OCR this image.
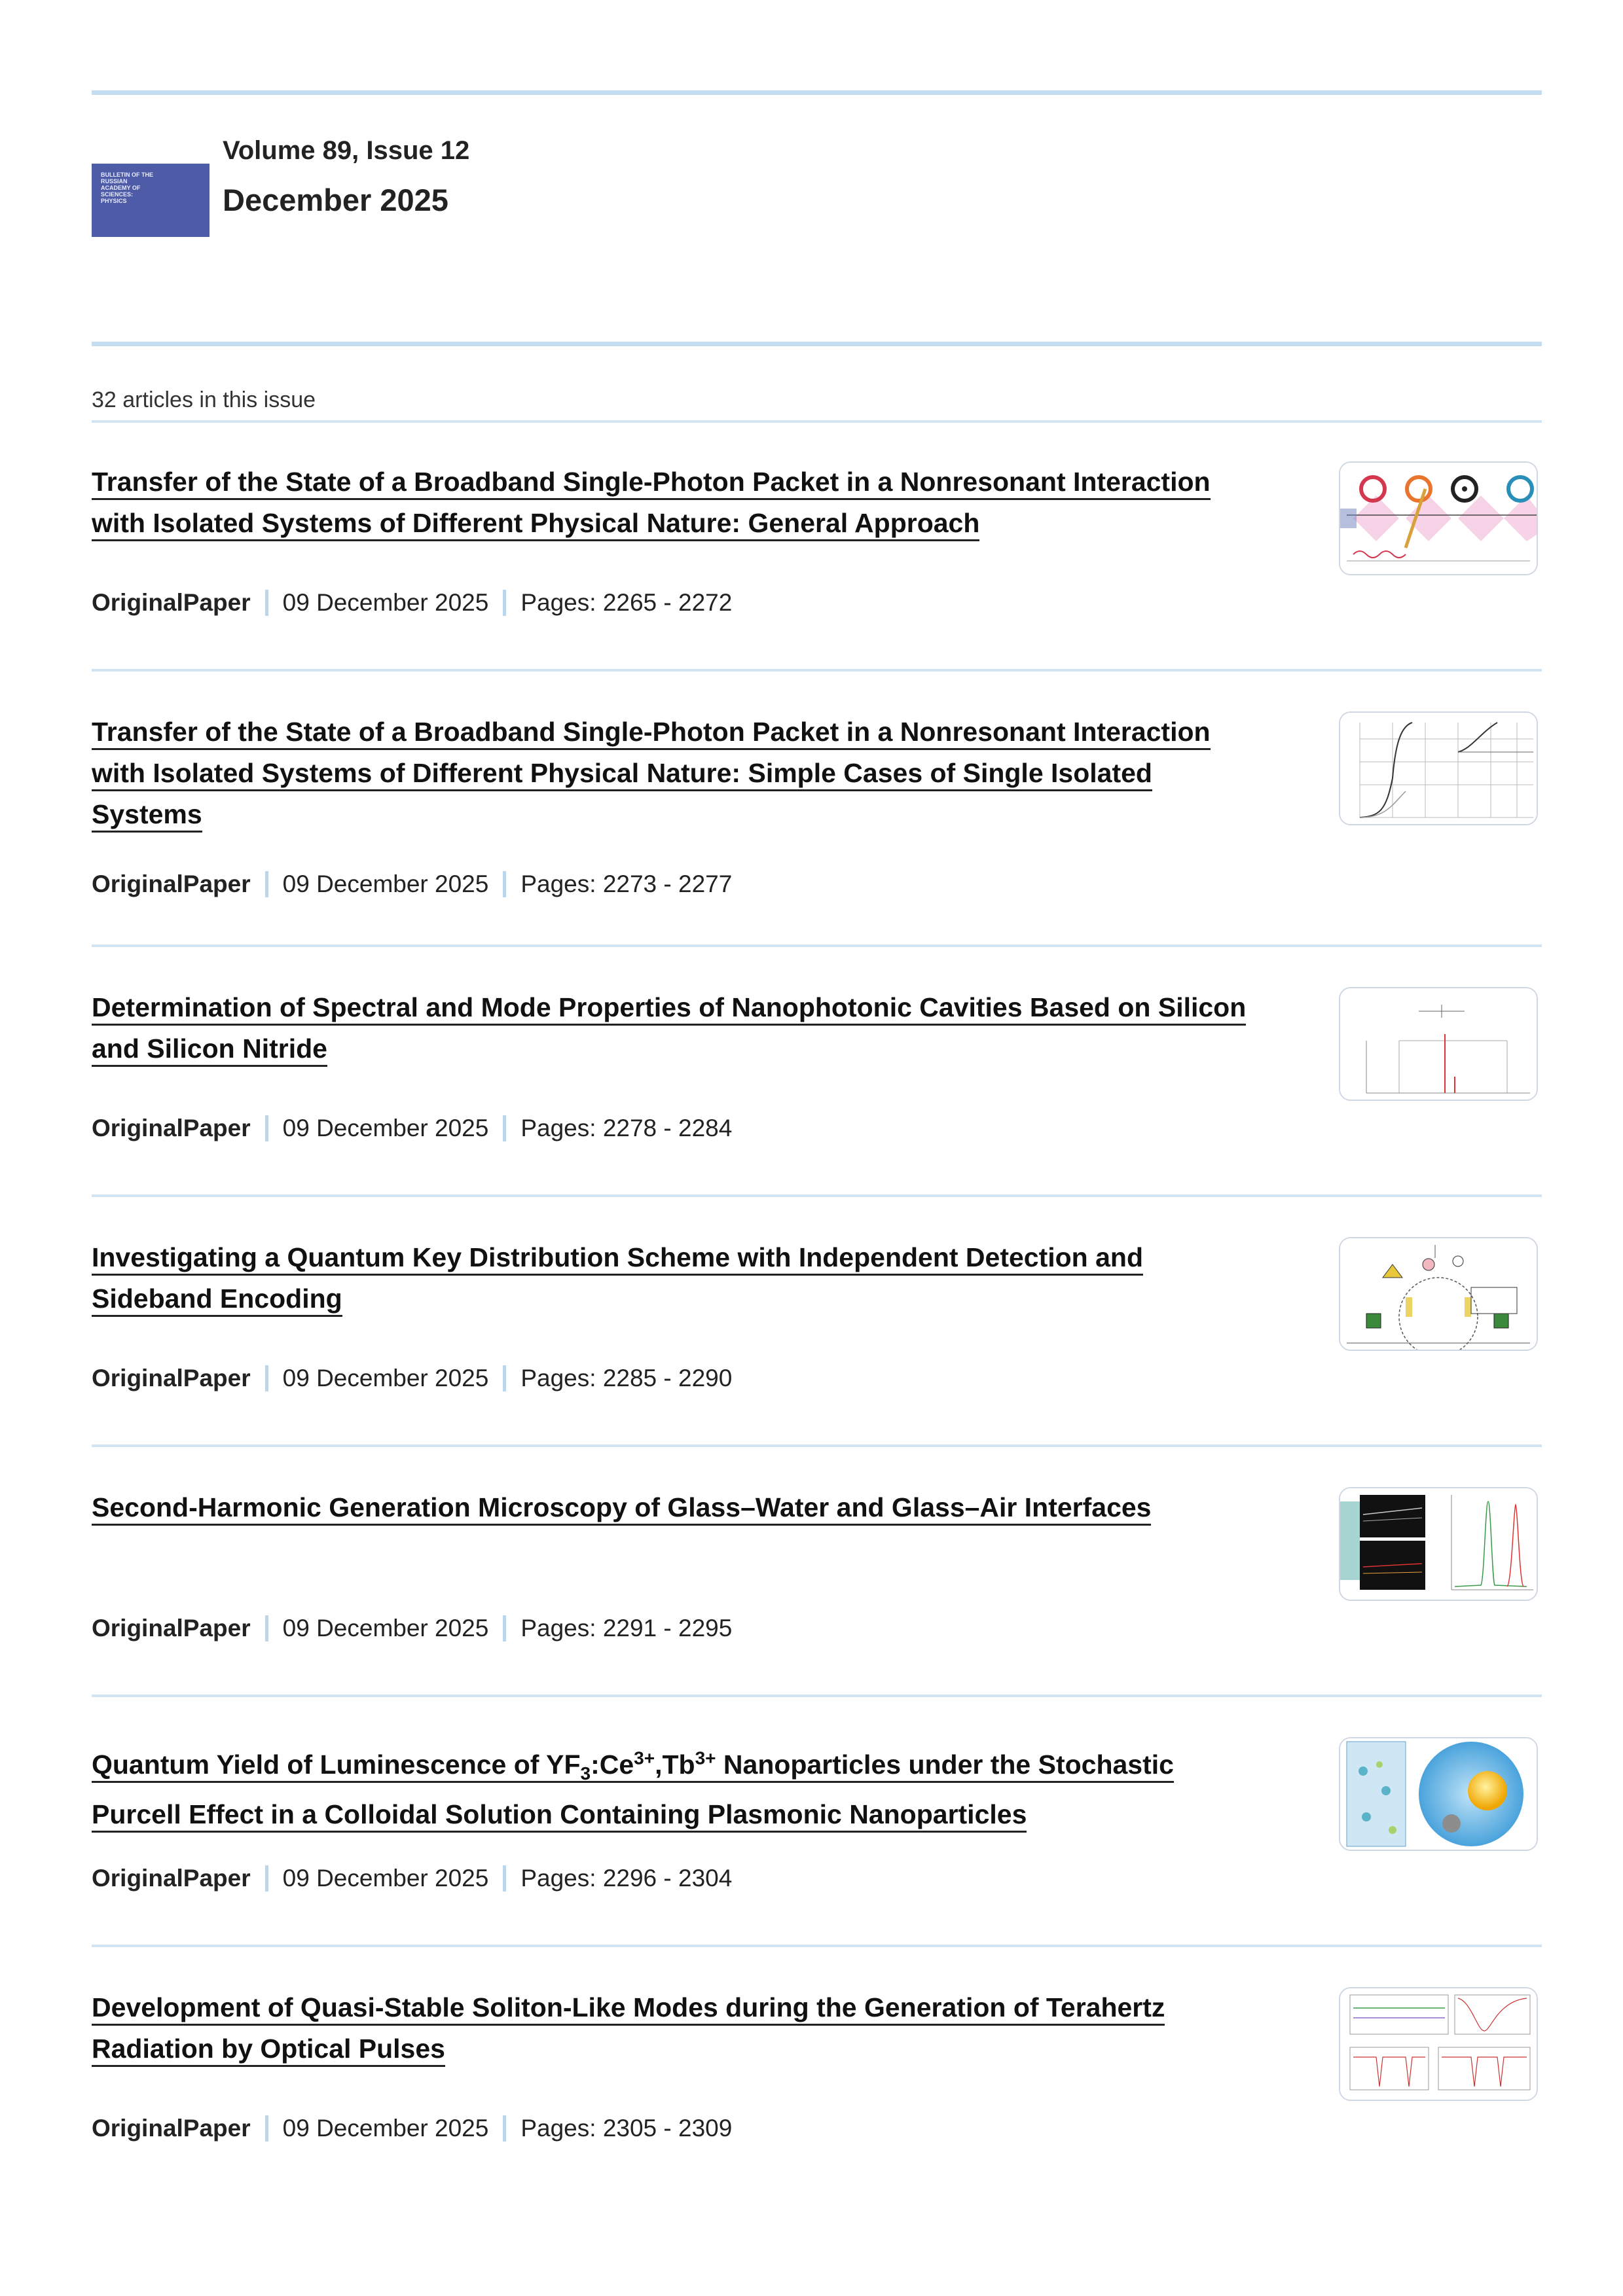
BULLETIN OF THE RUSSIAN ACADEMY OF SCIENCES: PHYSICS
Volume 89, Issue 12
December 2025
32 articles in this issue
Transfer of the State of a Broadband Single-Photon Packet in a Nonresonant Interaction
with Isolated Systems of Different Physical Nature: General Approach
OriginalPaper 09 December 2025 Pages: 2265 - 2272
Transfer of the State of a Broadband Single-Photon Packet in a Nonresonant Interaction
with Isolated Systems of Different Physical Nature: Simple Cases of Single Isolated
Systems
OriginalPaper 09 December 2025 Pages: 2273 - 2277
Determination of Spectral and Mode Properties of Nanophotonic Cavities Based on Silicon
and Silicon Nitride
OriginalPaper 09 December 2025 Pages: 2278 - 2284
Investigating a Quantum Key Distribution Scheme with Independent Detection and
Sideband Encoding
OriginalPaper 09 December 2025 Pages: 2285 - 2290
Second-Harmonic Generation Microscopy of Glass–Water and Glass–Air Interfaces
OriginalPaper 09 December 2025 Pages: 2291 - 2295
Quantum Yield of Luminescence of $YF_3:Ce^{3+},Tb^{3+}$ Nanoparticles under the Stochastic
Purcell Effect in a Colloidal Solution Containing Plasmonic Nanoparticles
OriginalPaper 09 December 2025 Pages: 2296 - 2304
Development of Quasi-Stable Soliton-Like Modes during the Generation of Terahertz
Radiation by Optical Pulses
OriginalPaper 09 December 2025 Pages: 2305 - 2309
